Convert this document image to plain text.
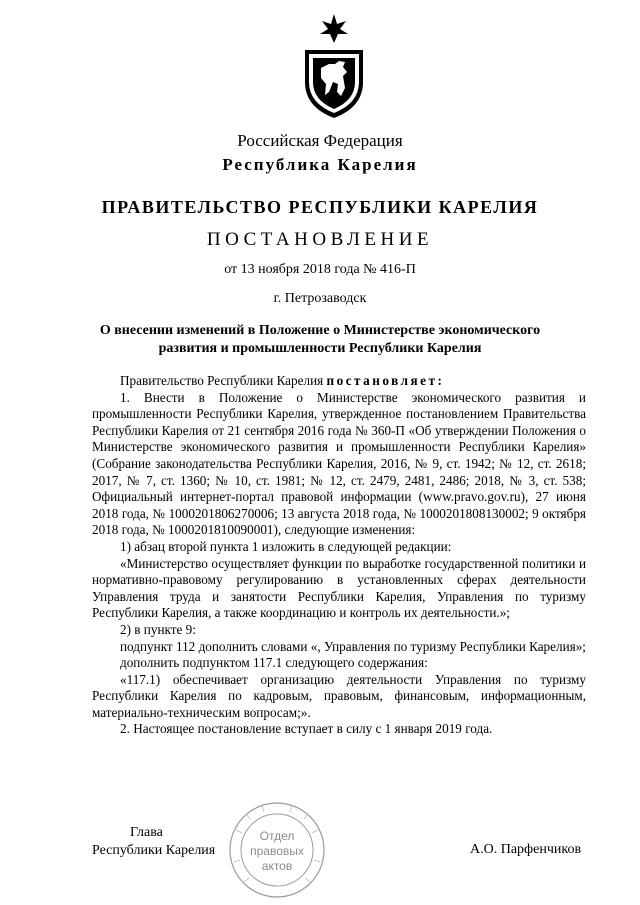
Российская Федерация
Республика Карелия
ПРАВИТЕЛЬСТВО РЕСПУБЛИКИ КАРЕЛИЯ
ПОСТАНОВЛЕНИЕ
от 13 ноября 2018 года № 416-П
г. Петрозаводск
О внесении изменений в Положение о Министерстве экономического
развития и промышленности Республики Карелия

Правительство Республики Карелия постановляет:

1. Внести в Положение о Министерстве экономического развития и промышленности Республики Карелия, утвержденное постановлением Правительства Республики Карелия от 21 сентября 2016 года № 360-П «Об утверждении Положения о Министерстве экономического развития и промышленности Республики Карелия» (Собрание законодательства Республики Карелия, 2016, № 9, ст. 1942; № 12, ст. 2618; 2017, № 7, ст. 1360; № 10, ст. 1981; № 12, ст. 2479, 2481, 2486; 2018, № 3, ст. 538; Официальный интернет-портал правовой информации (www.pravo.gov.ru), 27 июня 2018 года, № 1000201806270006; 13 августа 2018 года, № 1000201808130002; 9 октября 2018 года, № 1000201810090001), следующие изменения:

1) абзац второй пункта 1 изложить в следующей редакции:

«Министерство осуществляет функции по выработке государственной политики и нормативно-правовому регулированию в установленных сферах деятельности Управления труда и занятости Республики Карелия, Управления по туризму Республики Карелия, а также координацию и контроль их деятельности.»;

2) в пункте 9:

подпункт 112 дополнить словами «, Управления по туризму Республики Карелия»;

дополнить подпунктом 117.1 следующего содержания:

«117.1) обеспечивает организацию деятельности Управления по туризму Республики Карелия по кадровым, правовым, финансовым, информационным, материально-техническим вопросам;».

2. Настоящее постановление вступает в силу с 1 января 2019 года.

Отдел
правовых
актов
Глава
Республики Карелия	А.О. Парфенчиков
